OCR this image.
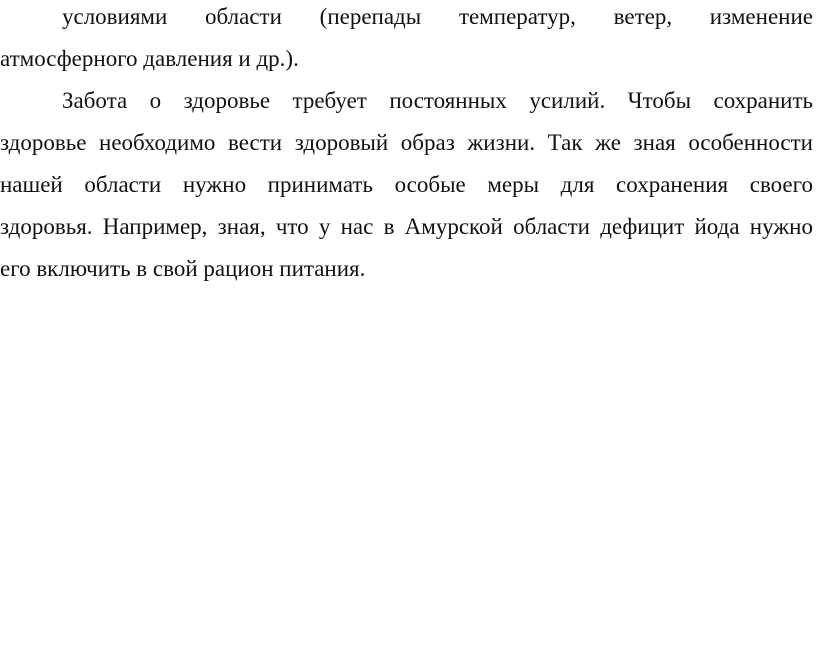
условиями области (перепады температур, ветер, изменение
атмосферного давления и др.).
Забота о здоровье требует постоянных усилий. Чтобы сохранить
здоровье необходимо вести здоровый образ жизни. Так же зная особенности
нашей области нужно принимать особые меры для сохранения своего
здоровья. Например, зная, что у нас в Амурской области дефицит йода нужно
его включить в свой рацион питания.
